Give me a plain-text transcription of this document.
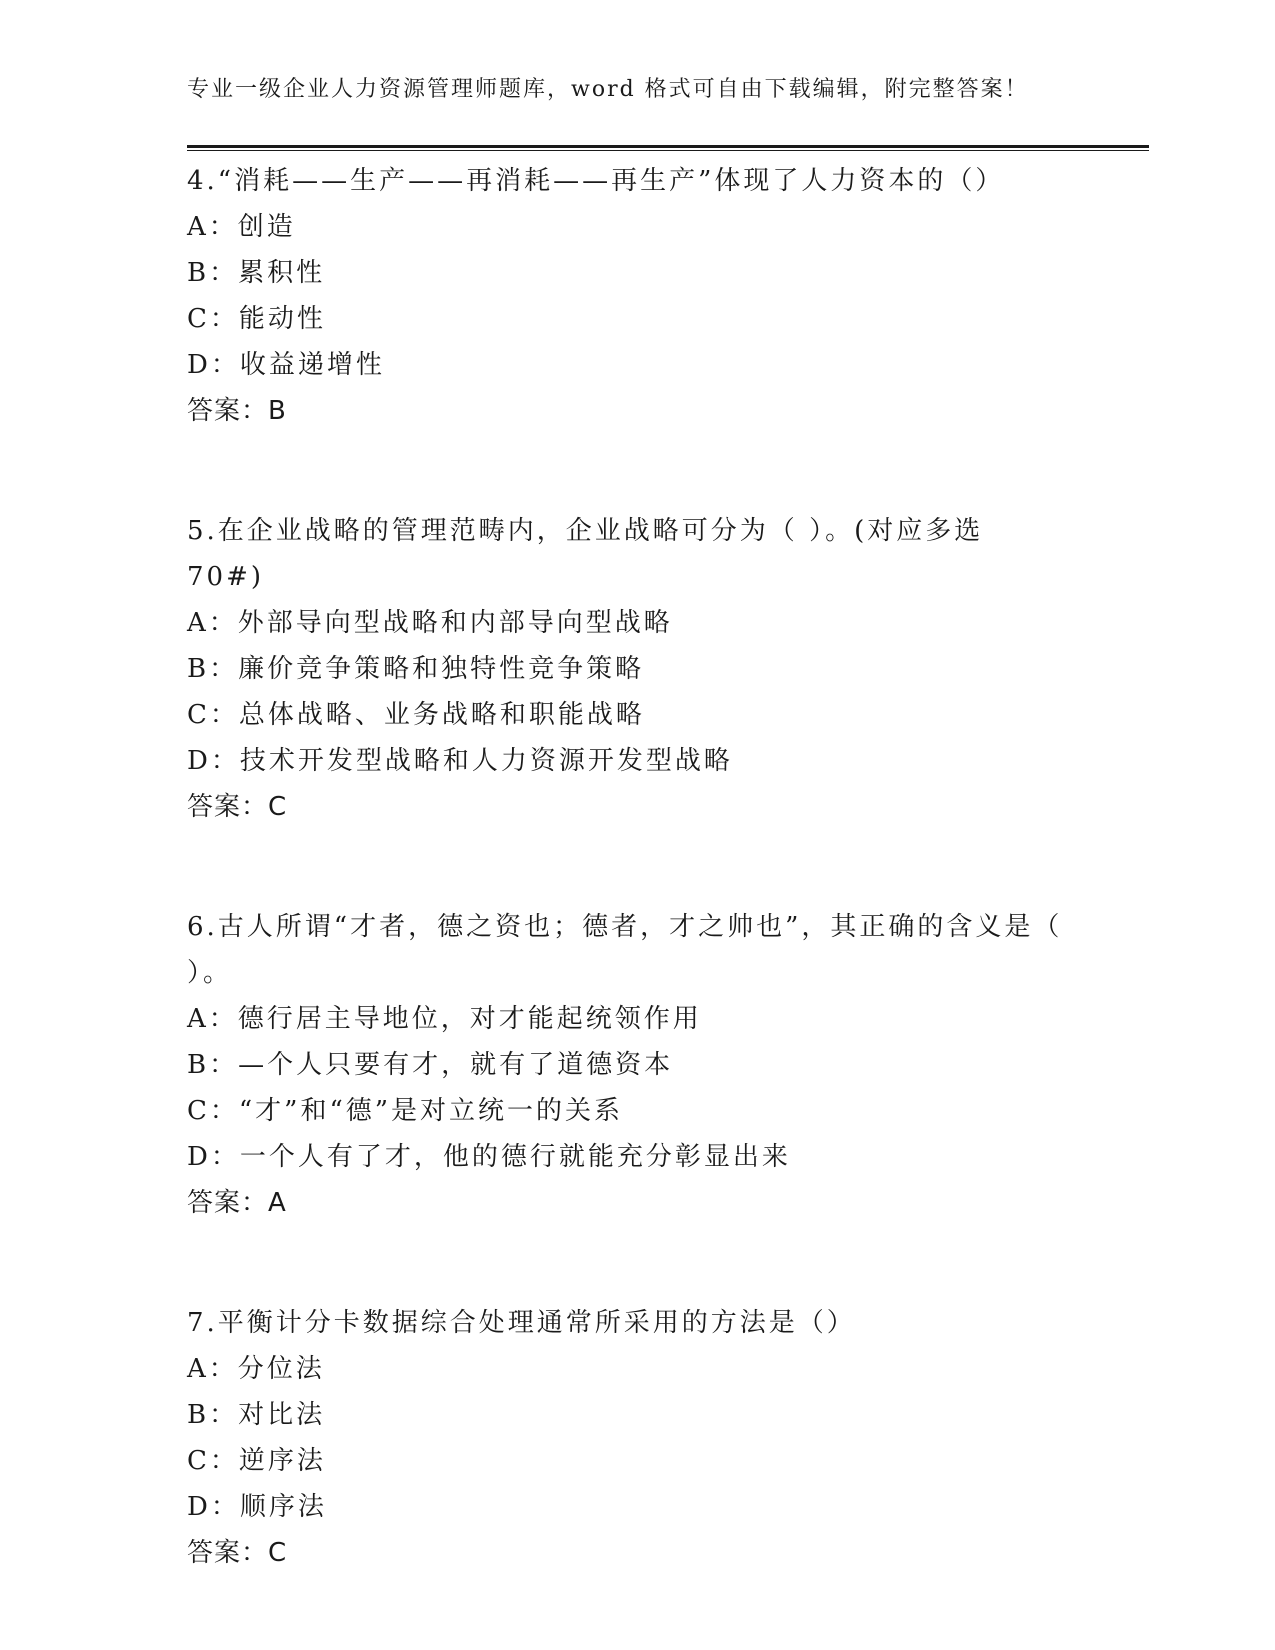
专业一级企业人力资源管理师题库，word 格式可自由下载编辑，附完整答案！
4.“消耗——生产——再消耗——再生产”体现了人力资本的（）
A：创造
B：累积性
C：能动性
D：收益递增性
答案：B
5.在企业战略的管理范畴内，企业战略可分为（ ）。(对应多选 70#)
A：外部导向型战略和内部导向型战略
B：廉价竞争策略和独特性竞争策略
C：总体战略、业务战略和职能战略
D：技术开发型战略和人力资源开发型战略
答案：C
6.古人所谓“才者，德之资也；德者，才之帅也”，其正确的含义是（ ）。
A：德行居主导地位，对才能起统领作用
B：—个人只要有才，就有了道德资本
C：“才”和“德”是对立统一的关系
D：一个人有了才，他的德行就能充分彰显出来
答案：A
7.平衡计分卡数据综合处理通常所采用的方法是（）
A：分位法
B：对比法
C：逆序法
D：顺序法
答案：C
